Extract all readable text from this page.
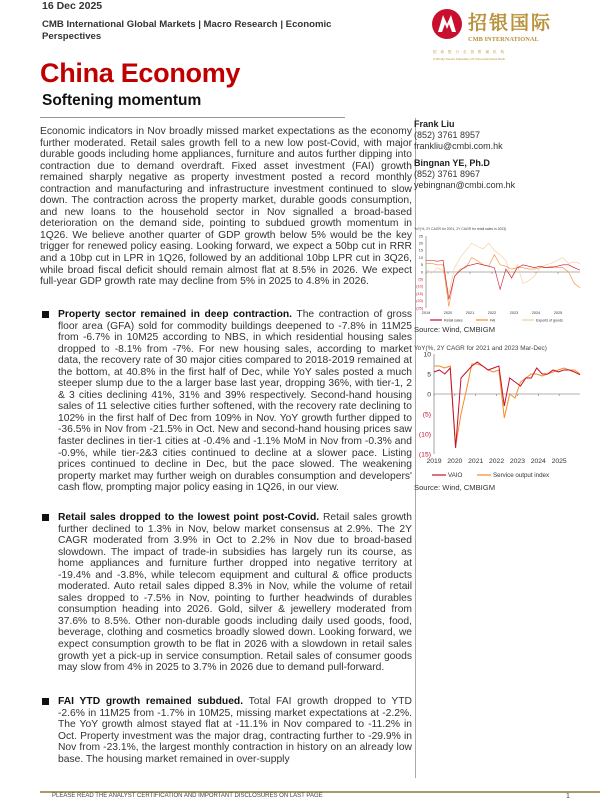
16 Dec 2025
CMB International Global Markets | Macro Research | Economic Perspectives
China Economy
Softening momentum
招银国际
CMB INTERNATIONAL
招商银行全资附属机构
A Wholly Owned Subsidiary Of China Merchants Bank

Economic indicators in Nov broadly missed market expectations as the economy further moderated. Retail sales growth fell to a new low post-Covid, with major durable goods including home appliances, furniture and autos further dipping into contraction due to demand overdraft. Fixed asset investment (FAI) growth remained sharply negative as property investment posted a record monthly contraction and manufacturing and infrastructure investment continued to slow down. The contraction across the property market, durable goods consumption, and new loans to the household sector in Nov signalled a broad-based deterioration on the demand side, pointing to subdued growth momentum in 1Q26. We believe another quarter of GDP growth below 5% would be the key trigger for renewed policy easing. Looking forward, we expect a 50bp cut in RRR and a 10bp cut in LPR in 1Q26, followed by an additional 10bp LPR cut in 3Q26, while broad fiscal deficit should remain almost flat at 8.5% in 2026. We expect full-year GDP growth rate may decline from 5% in 2025 to 4.8% in 2026.

Property sector remained in deep contraction. The contraction of gross floor area (GFA) sold for commodity buildings deepened to -7.8% in 11M25 from -6.7% in 10M25 according to NBS, in which residential housing sales dropped to -8.1% from -7%. For new housing sales, according to market data, the recovery rate of 30 major cities compared to 2018-2019 remained at the bottom, at 40.8% in the first half of Dec, while YoY sales posted a much steeper slump due to the a larger base last year, dropping 36%, with tier-1, 2 & 3 cities declining 41%, 31% and 39% respectively. Second-hand housing sales of 11 selective cities further softened, with the recovery rate declining to 102% in the first half of Dec from 109% in Nov. YoY growth further dipped to -36.5% in Nov from -21.5% in Oct. New and second-hand housing prices saw faster declines in tier-1 cities at -0.4% and -1.1% MoM in Nov from -0.3% and -0.9%, while tier-2&3 cities continued to decline at a slower pace. Listing prices continued to decline in Dec, but the pace slowed. The weakening property market may further weigh on durables consumption and developers' cash flow, prompting major policy easing in 1Q26, in our view.
Retail sales dropped to the lowest point post-Covid. Retail sales growth further declined to 1.3% in Nov, below market consensus at 2.9%. The 2Y CAGR moderated from 3.9% in Oct to 2.2% in Nov due to broad-based slowdown. The impact of trade-in subsidies has largely run its course, as home appliances and furniture further dropped into negative territory at -19.4% and -3.8%, while telecom equipment and cultural & office products moderated. Auto retail sales dipped 8.3% in Nov, while the volume of retail sales dropped to -7.5% in Nov, pointing to further headwinds of durables consumption heading into 2026. Gold, silver & jewellery moderated from 37.6% to 8.5%. Other non-durable goods including daily used goods, food, beverage, clothing and cosmetics broadly slowed down. Looking forward, we expect consumption growth to be flat in 2026 with a slowdown in retail sales growth yet a pick-up in service consumption. Retail sales of consumer goods may slow from 4% in 2025 to 3.7% in 2026 due to demand pull-forward.
FAI YTD growth remained subdued. Total FAI growth dropped to YTD -2.6% in 11M25 from -1.7% in 10M25, missing market expectations at -2.2%. The YoY growth almost stayed flat at -11.1% in Nov compared to -11.2% in Oct. Property investment was the major drag, contracting further to -29.9% in Nov from -23.1%, the largest monthly contraction in history on an already low base. The housing market remained in over-supply
Frank Liu
(852) 3761 8957
frankliu@cmbi.com.hk
Bingnan YE, Ph.D
(852) 3761 8967
yebingnan@cmbi.com.hk
YoY(%, 2Y CAGR for 2021, 2Y CAGR for retail sales in 2023)
25
20
15
10
5
0
(5)
(10)
(15)
(20)
(25)
2019	2020	2021	2022	2023	2024	2025
Retail sales	FAI	Exports of goods
Source: Wind, CMBIGM
YoY(%, 2Y CAGR for 2021 and 2023 Mar-Dec)
10
5
0
(5)
(10)
(15)
2019 2020 2021 2022 2023 2024 2025
VAIO	Service output index
Source: Wind, CMBIGM
PLEASE READ THE ANALYST CERTIFICATION AND IMPORTANT DISCLOSURES ON LAST PAGE	1
